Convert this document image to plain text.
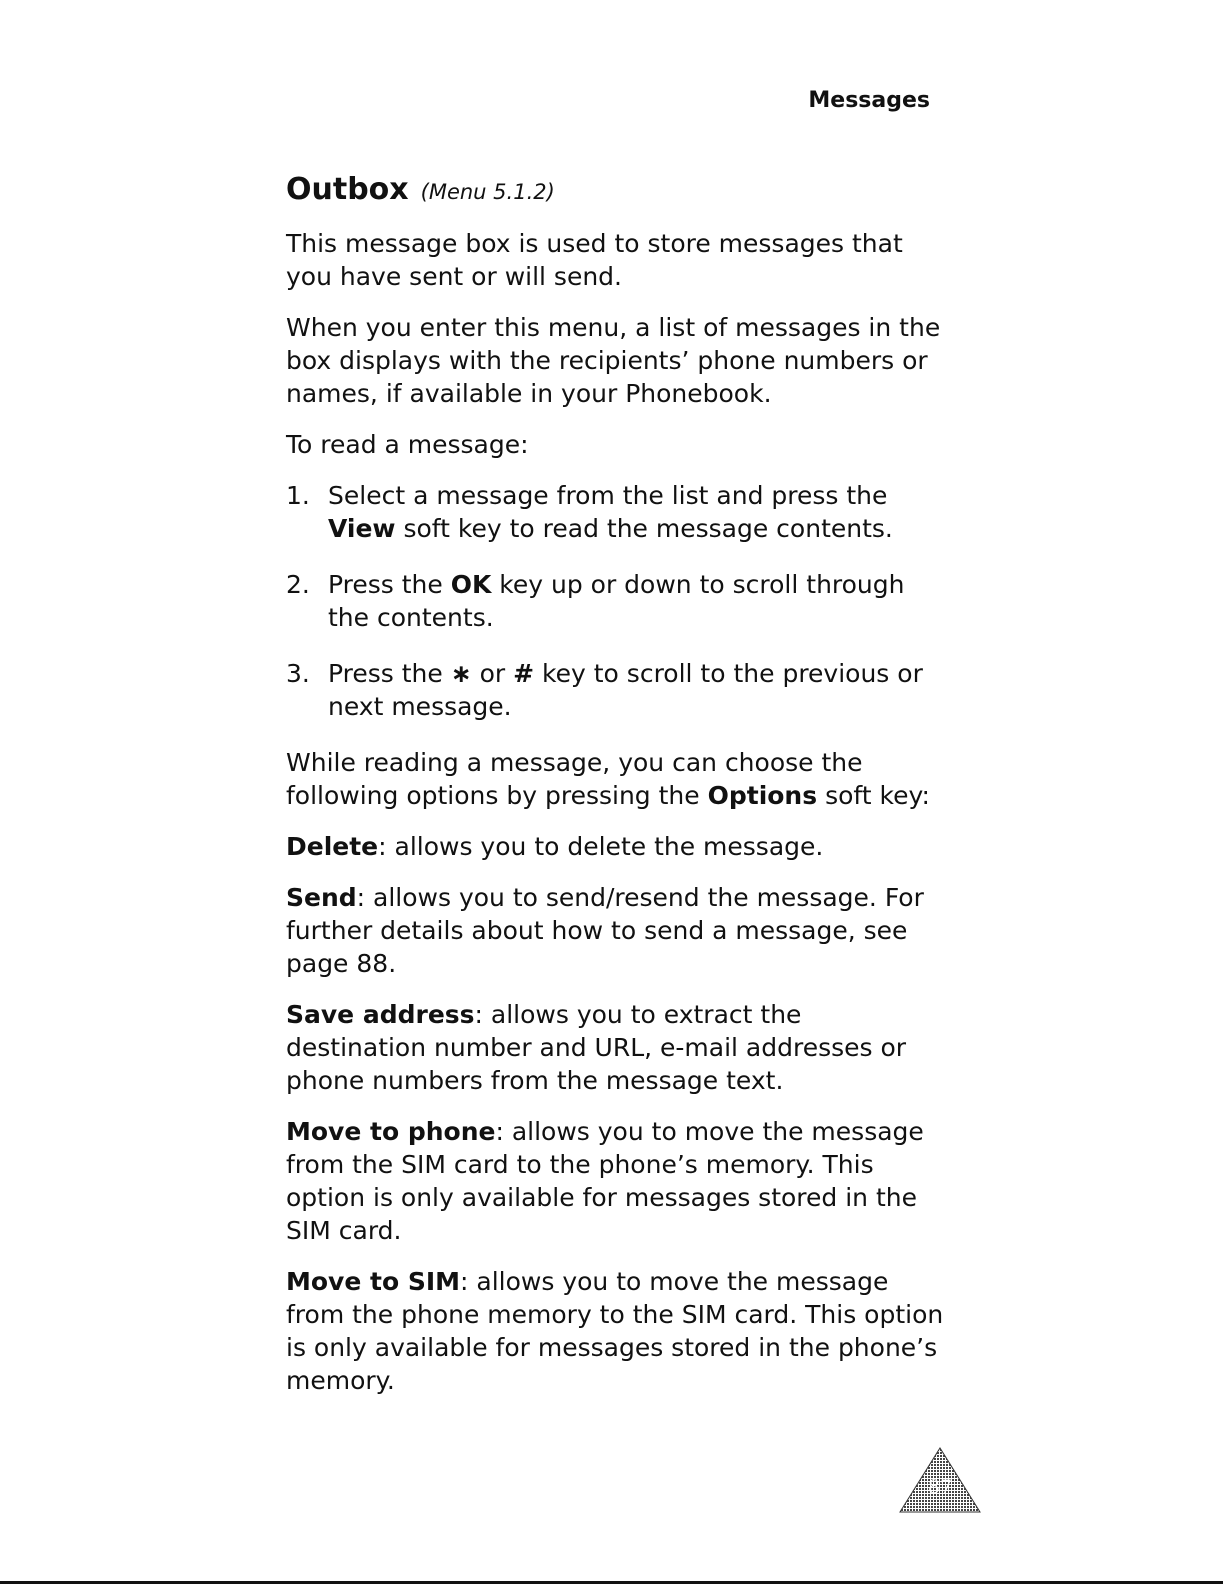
Messages
Outbox (Menu 5.1.2)

This message box is used to store messages that you have sent or will send.

When you enter this menu, a list of messages in the box displays with the recipients’ phone numbers or names, if available in your Phonebook.

To read a message:

1. Select a message from the list and press the View soft key to read the message contents.
2. Press the OK key up or down to scroll through the contents.
3. Press the ∗ or # key to scroll to the previous or next message.

While reading a message, you can choose the following options by pressing the Options soft key:

Delete: allows you to delete the message.

Send: allows you to send/resend the message. For further details about how to send a message, see page 88.

Save address: allows you to extract the destination number and URL, e-mail addresses or phone numbers from the message text.

Move to phone: allows you to move the message from the SIM card to the phone’s memory. This option is only available for messages stored in the SIM card.

Move to SIM: allows you to move the message from the phone memory to the SIM card. This option is only available for messages stored in the phone’s memory.

87
